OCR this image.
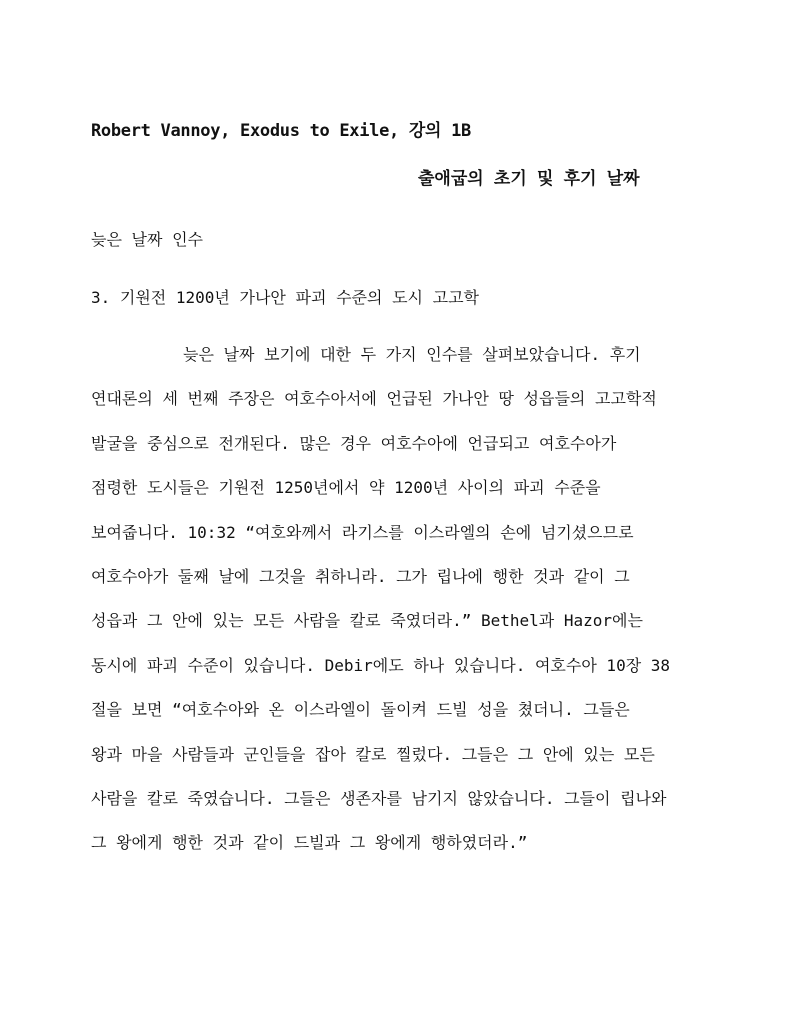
Robert Vannoy, Exodus to Exile, 강의 1B
출애굽의 초기 및 후기 날짜
늦은 날짜 인수
3. 기원전 1200년 가나안 파괴 수준의 도시 고고학
늦은 날짜 보기에 대한 두 가지 인수를 살펴보았습니다. 후기
연대론의 세 번째 주장은 여호수아서에 언급된 가나안 땅 성읍들의 고고학적
발굴을 중심으로 전개된다. 많은 경우 여호수아에 언급되고 여호수아가
점령한 도시들은 기원전 1250년에서 약 1200년 사이의 파괴 수준을
보여줍니다. 10:32 “여호와께서 라기스를 이스라엘의 손에 넘기셨으므로
여호수아가 둘째 날에 그것을 취하니라. 그가 립나에 행한 것과 같이 그
성읍과 그 안에 있는 모든 사람을 칼로 죽였더라.” Bethel과 Hazor에는
동시에 파괴 수준이 있습니다. Debir에도 하나 있습니다. 여호수아 10장 38
절을 보면 “여호수아와 온 이스라엘이 돌이켜 드빌 성을 쳤더니. 그들은
왕과 마을 사람들과 군인들을 잡아 칼로 찔렀다. 그들은 그 안에 있는 모든
사람을 칼로 죽였습니다. 그들은 생존자를 남기지 않았습니다. 그들이 립나와
그 왕에게 행한 것과 같이 드빌과 그 왕에게 행하였더라.”
